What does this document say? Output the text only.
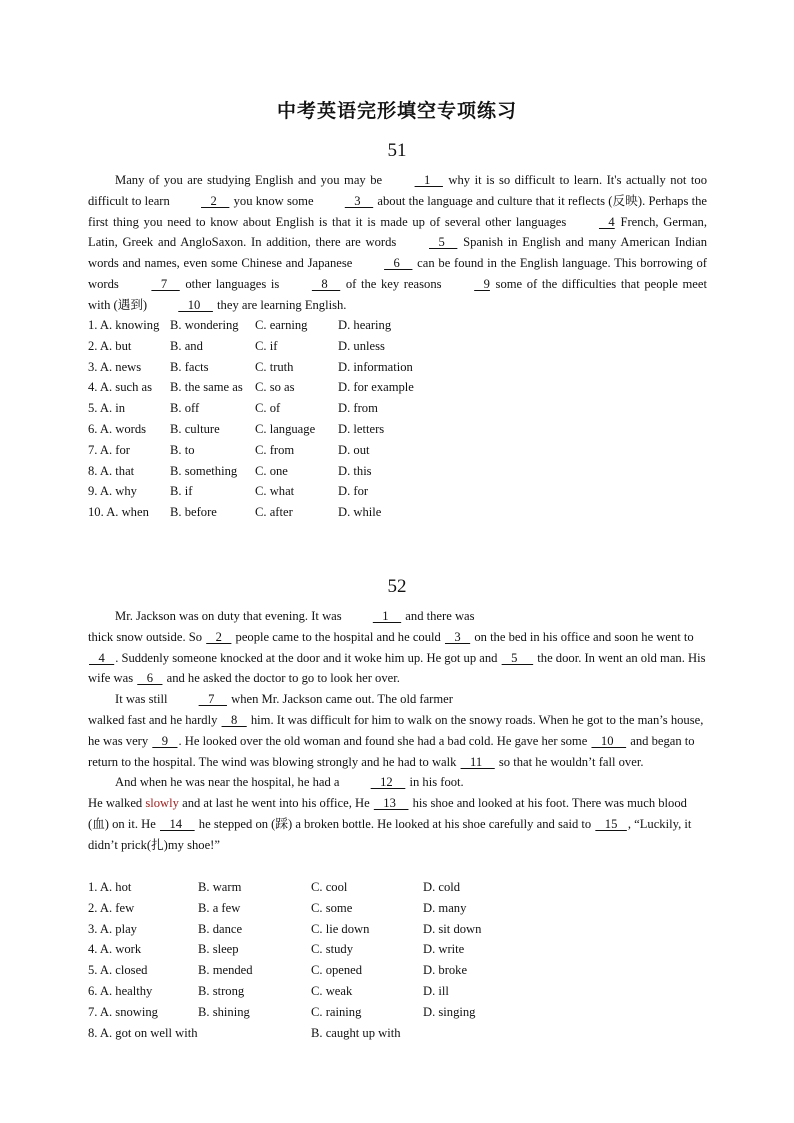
中考英语完形填空专项练习
51

Many of you are studying English and you may be    1     why it is so difficult to learn. It's actually not too difficult to learn    2     you know some    3     about the language and culture that it reflects (反映). Perhaps the first thing you need to know about English is that it is made up of several other languages    4 French, German, Latin, Greek and AngloSaxon. In addition, there are words    5     Spanish in English and many American Indian words and names, even some Chinese and Japanese    6     can be found in the English language. This borrowing of words    7     other languages is    8     of the key reasons    9 some of the difficulties that people meet with (遇到)    10     they are learning English.

1. A. knowing B. wondering C. earning D. hearing
2. A. but	B. and	C. if	D. unless
3. A. news B. facts	C. truth	D. information
4. A. such as B. the same as C. so as	D. for example
5. A. in	B. off	C. of	D. from
6. A. words B. culture	C. language D. letters
7. A. for	B. to	C. from	D. out
8. A. that	B. something C. one	D. this
9. A. why	B. if	C. what	D. for
10. A. when B. before	C. after	D. while
52

Mr. Jackson was on duty that evening. It was    1     and there was

thick snow outside. So    2    people came to the hospital and he could    3    on the bed in his office and soon he went to    4   . Suddenly someone knocked at the door and it woke him up. He got up and    5      the door. In went an old man. His wife was    6    and he asked the doctor to go to look her over.

It was still    7     when Mr. Jackson came out. The old farmer

walked fast and he hardly    8    him. It was difficult for him to walk on the snowy roads. When he got to the man’s house, he was very    9   . He looked over the old woman and found she had a bad cold. He gave her some    10     and began to return to the hospital. The wind was blowing strongly and he had to walk    11     so that he wouldn’t fall over.

And when he was near the hospital, he had a    12     in his foot.

He walked slowly and at last he went into his office, He    13     his shoe and looked at his foot. There was much blood (血) on it. He    14     he stepped on (踩) a broken bottle. He looked at his shoe carefully and said to    15   , “Luckily, it didn’t prick(扎)my shoe!”

1. A. hot	B. warm	C. cool	D. cold
2. A. few	B. a few	C. some	D. many
3. A. play	B. dance	C. lie down	D. sit down
4. A. work	B. sleep	C. study	D. write
5. A. closed	B. mended	C. opened	D. broke
6. A. healthy	B. strong	C. weak	D. ill
7. A. snowing	B. shining	C. raining	D. singing
8. A. got on well with	B. caught up with
